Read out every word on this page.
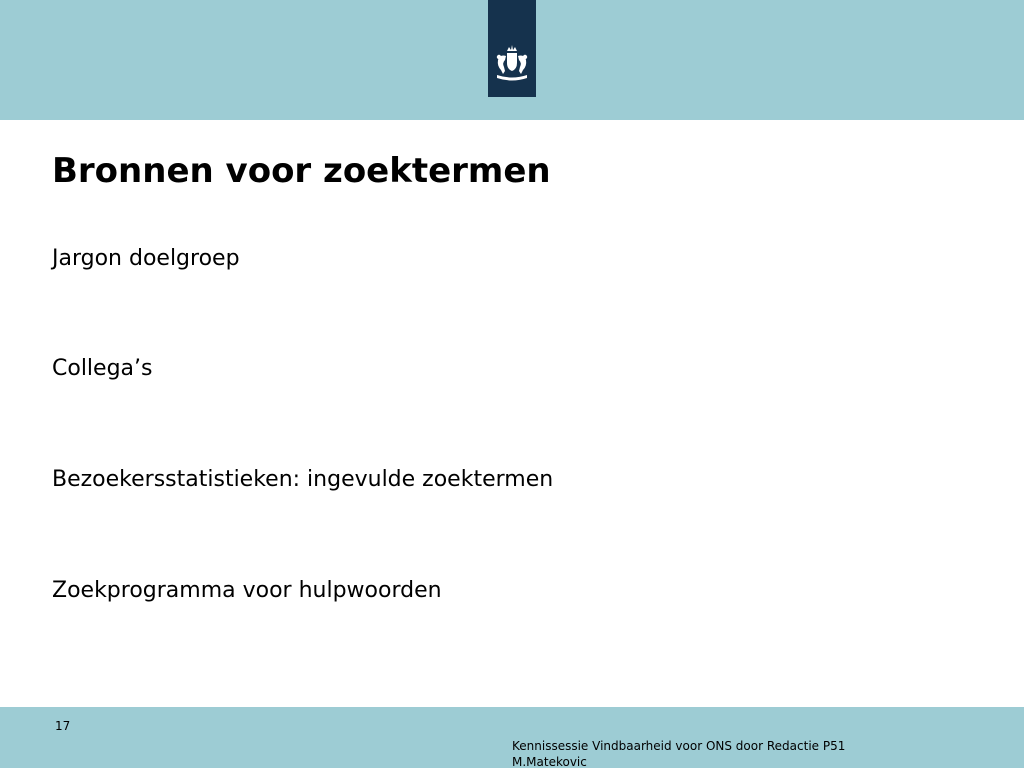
Bronnen voor zoektermen
Jargon doelgroep
Collega’s
Bezoekersstatistieken: ingevulde zoektermen
Zoekprogramma voor hulpwoorden
17
Kennissessie Vindbaarheid voor ONS door Redactie P51
M.Matekovic
